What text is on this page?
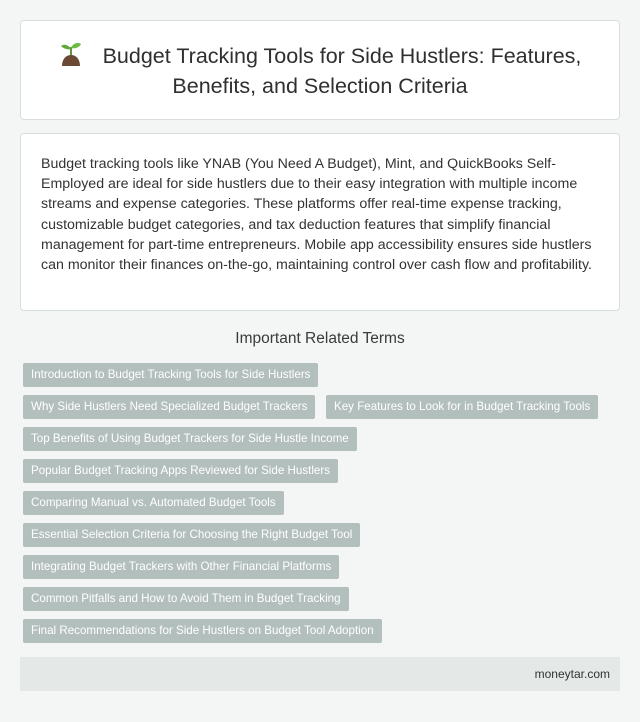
Budget Tracking Tools for Side Hustlers: Features, Benefits, and Selection Criteria

Budget tracking tools like YNAB (You Need A Budget), Mint, and QuickBooks Self-Employed are ideal for side hustlers due to their easy integration with multiple income streams and expense categories. These platforms offer real-time expense tracking, customizable budget categories, and tax deduction features that simplify financial management for part-time entrepreneurs. Mobile app accessibility ensures side hustlers can monitor their finances on-the-go, maintaining control over cash flow and profitability.

Important Related Terms
Introduction to Budget Tracking Tools for Side Hustlers
Why Side Hustlers Need Specialized Budget Trackers	Key Features to Look for in Budget Tracking Tools
Top Benefits of Using Budget Trackers for Side Hustle Income
Popular Budget Tracking Apps Reviewed for Side Hustlers
Comparing Manual vs. Automated Budget Tools
Essential Selection Criteria for Choosing the Right Budget Tool
Integrating Budget Trackers with Other Financial Platforms
Common Pitfalls and How to Avoid Them in Budget Tracking
Final Recommendations for Side Hustlers on Budget Tool Adoption
moneytar.com
